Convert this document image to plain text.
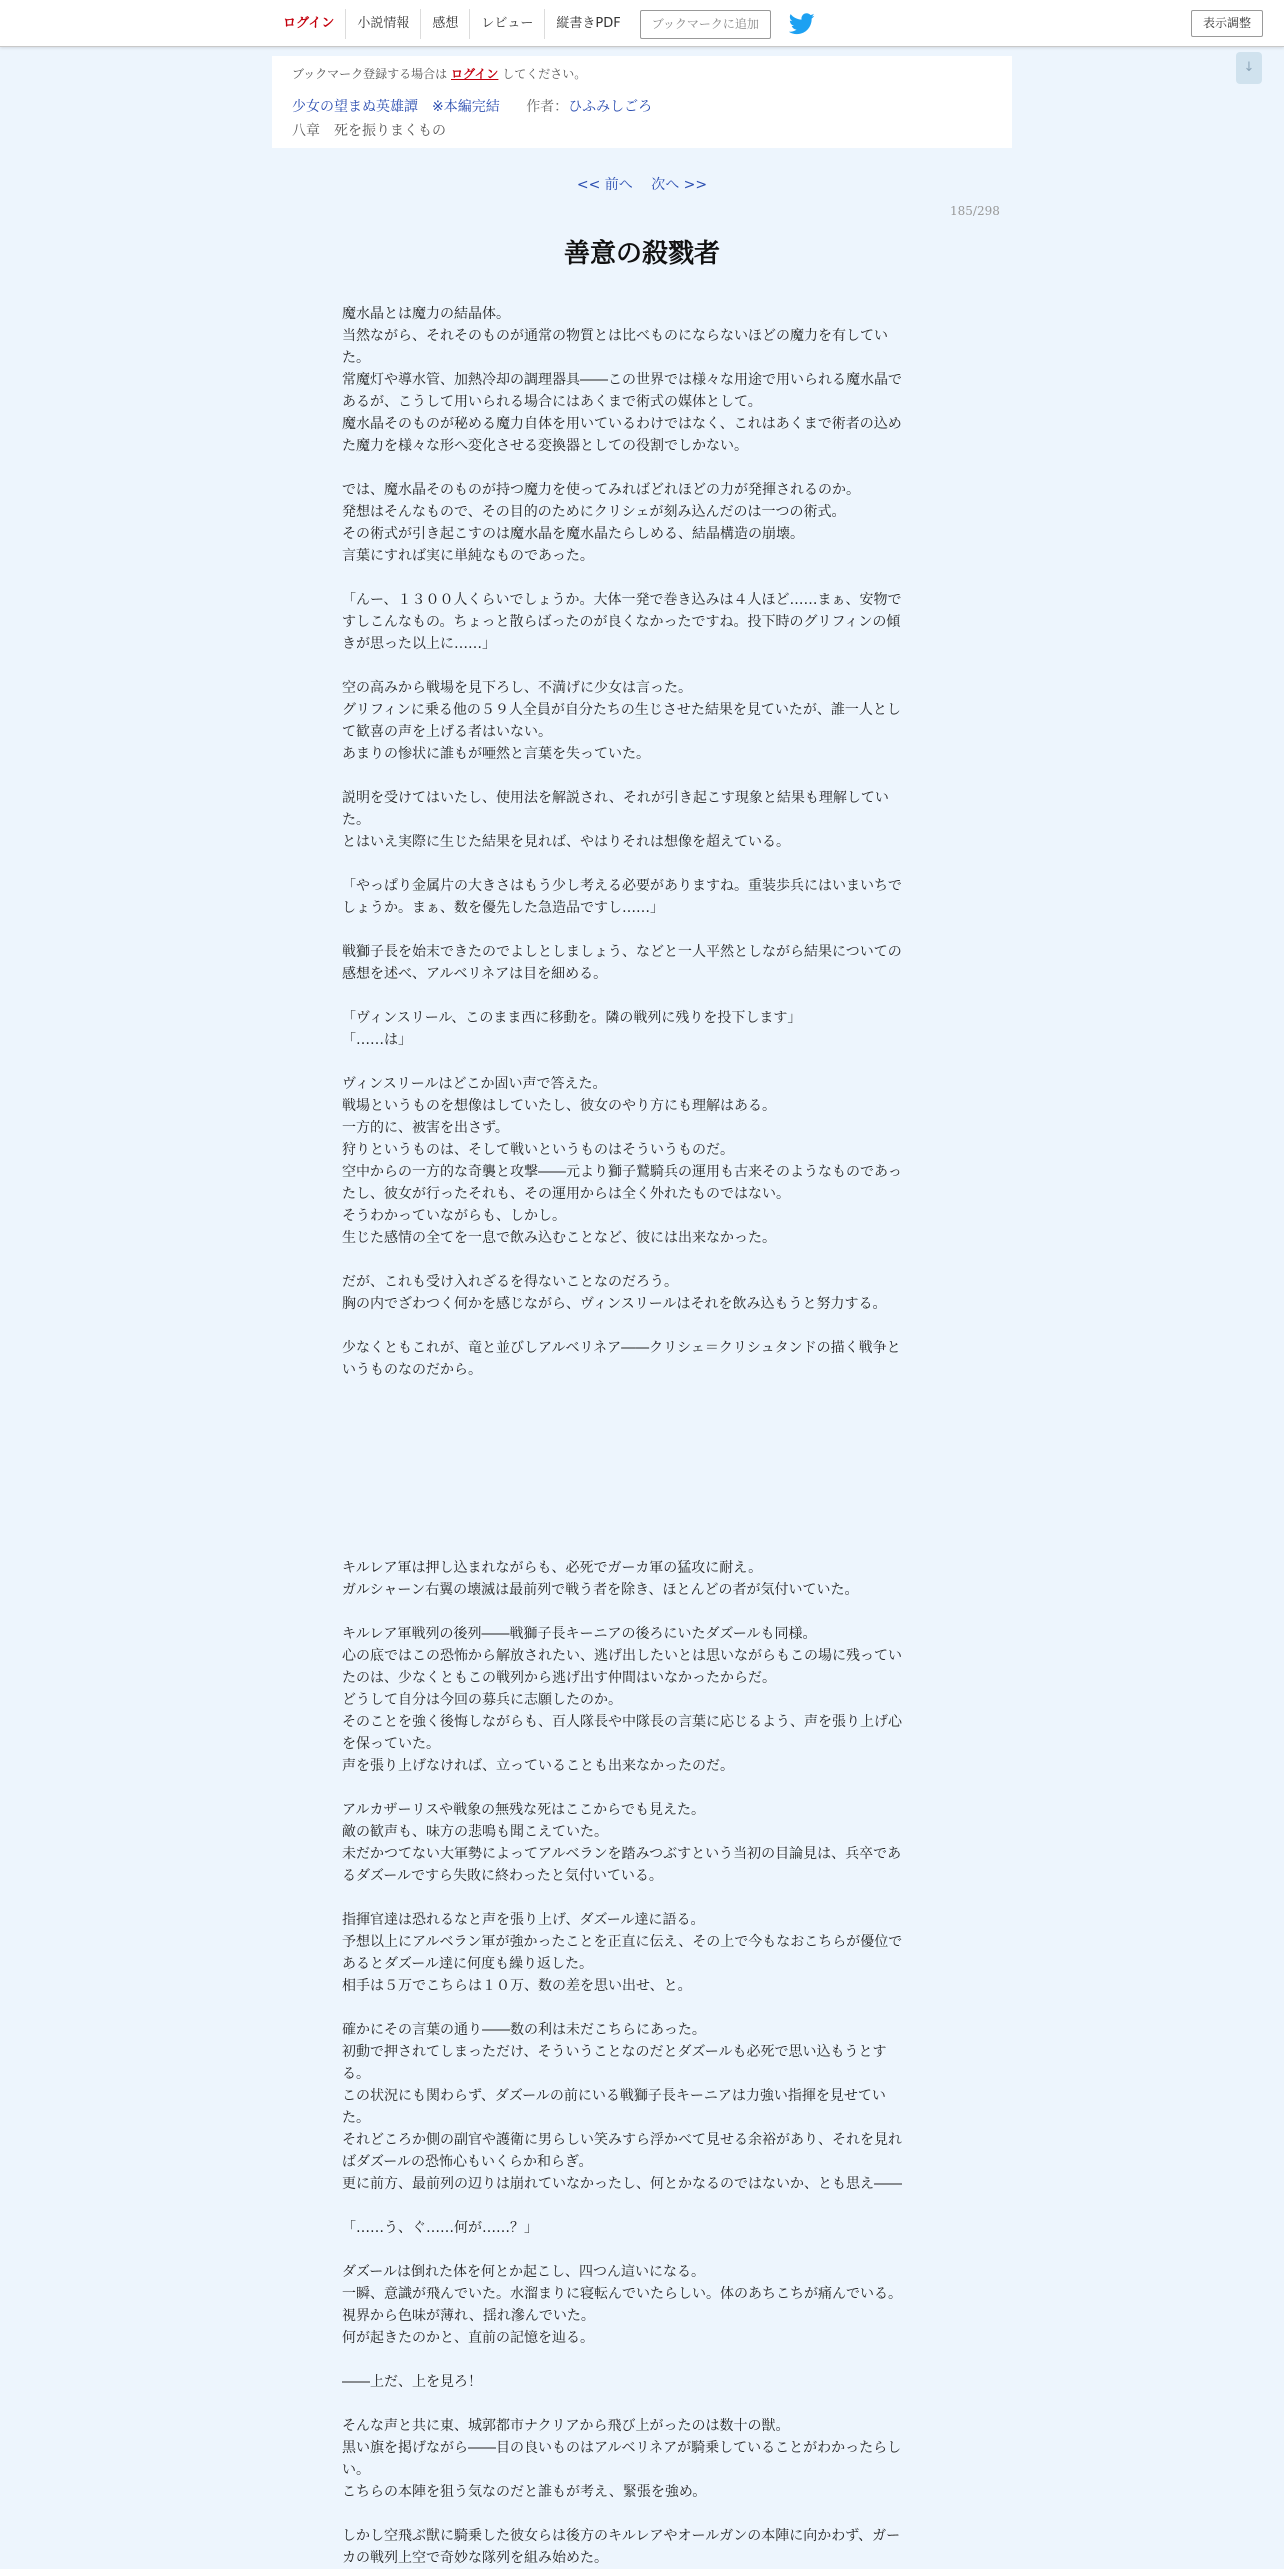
ログイン	小説情報	感想	レビュー	縦書きPDF	ブックマークに追加	表示調整
↓
ブックマーク登録する場合は ログイン してください。
少女の望まぬ英雄譚　※本編完結 作者：ひふみしごろ
八章　死を振りまくもの
<< 前へ 次へ >>
185/298
善意の殺戮者

魔水晶とは魔力の結晶体。

当然ながら、それそのものが通常の物質とは比べものにならないほどの魔力を有してい

た。

常魔灯や導水管、加熱冷却の調理器具――この世界では様々な用途で用いられる魔水晶で

あるが、こうして用いられる場合にはあくまで術式の媒体として。

魔水晶そのものが秘める魔力自体を用いているわけではなく、これはあくまで術者の込め

た魔力を様々な形へ変化させる変換器としての役割でしかない。

では、魔水晶そのものが持つ魔力を使ってみればどれほどの力が発揮されるのか。

発想はそんなもので、その目的のためにクリシェが刻み込んだのは一つの術式。

その術式が引き起こすのは魔水晶を魔水晶たらしめる、結晶構造の崩壊。

言葉にすれば実に単純なものであった。

「んー、１３００人くらいでしょうか。大体一発で巻き込みは４人ほど……まぁ、安物で

すしこんなもの。ちょっと散らばったのが良くなかったですね。投下時のグリフィンの傾

きが思った以上に……」

空の高みから戦場を見下ろし、不満げに少女は言った。

グリフィンに乗る他の５９人全員が自分たちの生じさせた結果を見ていたが、誰一人とし

て歓喜の声を上げる者はいない。

あまりの惨状に誰もが唖然と言葉を失っていた。

説明を受けてはいたし、使用法を解説され、それが引き起こす現象と結果も理解してい

た。

とはいえ実際に生じた結果を見れば、やはりそれは想像を超えている。

「やっぱり金属片の大きさはもう少し考える必要がありますね。重装歩兵にはいまいちで

しょうか。まぁ、数を優先した急造品ですし……」

戦獅子長を始末できたのでよしとしましょう、などと一人平然としながら結果についての

感想を述べ、アルベリネアは目を細める。

「ヴィンスリール、このまま西に移動を。隣の戦列に残りを投下します」

「……は」

ヴィンスリールはどこか固い声で答えた。

戦場というものを想像はしていたし、彼女のやり方にも理解はある。

一方的に、被害を出さず。

狩りというものは、そして戦いというものはそういうものだ。

空中からの一方的な奇襲と攻撃――元より獅子鷲騎兵の運用も古来そのようなものであっ

たし、彼女が行ったそれも、その運用からは全く外れたものではない。

そうわかっていながらも、しかし。

生じた感情の全てを一息で飲み込むことなど、彼には出来なかった。

だが、これも受け入れざるを得ないことなのだろう。

胸の内でざわつく何かを感じながら、ヴィンスリールはそれを飲み込もうと努力する。

少なくともこれが、竜と並びしアルベリネア――クリシェ＝クリシュタンドの描く戦争と

いうものなのだから。

キルレア軍は押し込まれながらも、必死でガーカ軍の猛攻に耐え。

ガルシャーン右翼の壊滅は最前列で戦う者を除き、ほとんどの者が気付いていた。

キルレア軍戦列の後列――戦獅子長キーニアの後ろにいたダズールも同様。

心の底ではこの恐怖から解放されたい、逃げ出したいとは思いながらもこの場に残ってい

たのは、少なくともこの戦列から逃げ出す仲間はいなかったからだ。

どうして自分は今回の募兵に志願したのか。

そのことを強く後悔しながらも、百人隊長や中隊長の言葉に応じるよう、声を張り上げ心

を保っていた。

声を張り上げなければ、立っていることも出来なかったのだ。

アルカザーリスや戦象の無残な死はここからでも見えた。

敵の歓声も、味方の悲鳴も聞こえていた。

未だかつてない大軍勢によってアルベランを踏みつぶすという当初の目論見は、兵卒であ

るダズールですら失敗に終わったと気付いている。

指揮官達は恐れるなと声を張り上げ、ダズール達に語る。

予想以上にアルベラン軍が強かったことを正直に伝え、その上で今もなおこちらが優位で

あるとダズール達に何度も繰り返した。

相手は５万でこちらは１０万、数の差を思い出せ、と。

確かにその言葉の通り――数の利は未だこちらにあった。

初動で押されてしまっただけ、そういうことなのだとダズールも必死で思い込もうとす

る。

この状況にも関わらず、ダズールの前にいる戦獅子長キーニアは力強い指揮を見せてい

た。

それどころか側の副官や護衛に男らしい笑みすら浮かべて見せる余裕があり、それを見れ

ばダズールの恐怖心もいくらか和らぎ。

更に前方、最前列の辺りは崩れていなかったし、何とかなるのではないか、とも思え――

「……う、ぐ……何が……？」

ダズールは倒れた体を何とか起こし、四つん這いになる。

一瞬、意識が飛んでいた。水溜まりに寝転んでいたらしい。体のあちこちが痛んでいる。

視界から色味が薄れ、揺れ滲んでいた。

何が起きたのかと、直前の記憶を辿る。

――上だ、上を見ろ！

そんな声と共に東、城郭都市ナクリアから飛び上がったのは数十の獣。

黒い旗を掲げながら――目の良いものはアルベリネアが騎乗していることがわかったらし

い。

こちらの本陣を狙う気なのだと誰もが考え、緊張を強め。

しかし空飛ぶ獣に騎乗した彼女らは後方のキルレアやオールガンの本陣に向かわず、ガー

カの戦列上空で奇妙な隊列を組み始めた。
